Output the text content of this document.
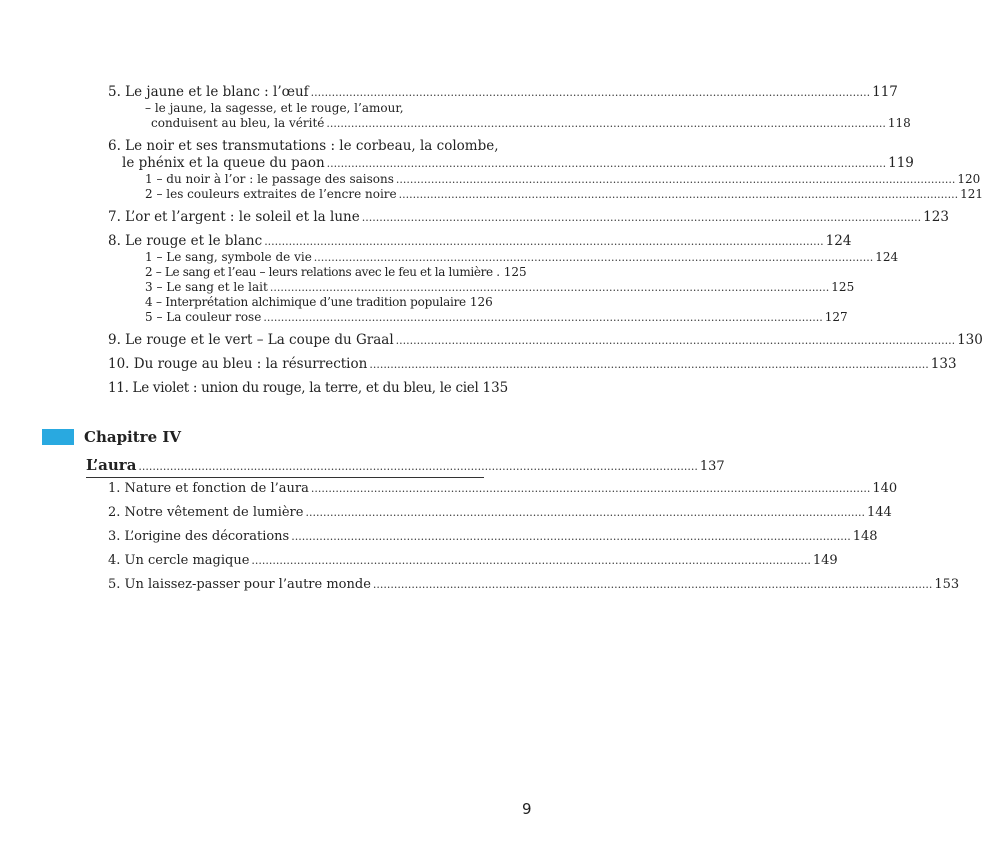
5. Le jaune et le blanc : l’œuf .....	117
– le jaune, la sagesse, et le rouge, l’amour,
conduisent au bleu, la vérité .....	118
6. Le noir et ses transmutations : le corbeau, la colombe,
le phénix et la queue du paon .....	119
1 – du noir à l’or : le passage des saisons .....	120
2 – les couleurs extraites de l’encre noire .....	121
7. L’or et l’argent : le soleil et la lune .....	123
8. Le rouge et le blanc .....	124
1 – Le sang, symbole de vie .....	124
2 – Le sang et l’eau – leurs relations avec le feu et la lumière . 125
3 – Le sang et le lait .....	125
4 – Interprétation alchimique d’une tradition populaire 126
5 – La couleur rose .....	127
9. Le rouge et le vert – La coupe du Graal .....	130
10. Du rouge au bleu : la résurrection .....	133
11. Le violet : union du rouge, la terre, et du bleu, le ciel 135
Chapitre IV
L’aura .....	137
1. Nature et fonction de l’aura .....	140
2. Notre vêtement de lumière .....	144
3. L’origine des décorations .....	148
4. Un cercle magique .....	149
5. Un laissez-passer pour l’autre monde .....	153
9
